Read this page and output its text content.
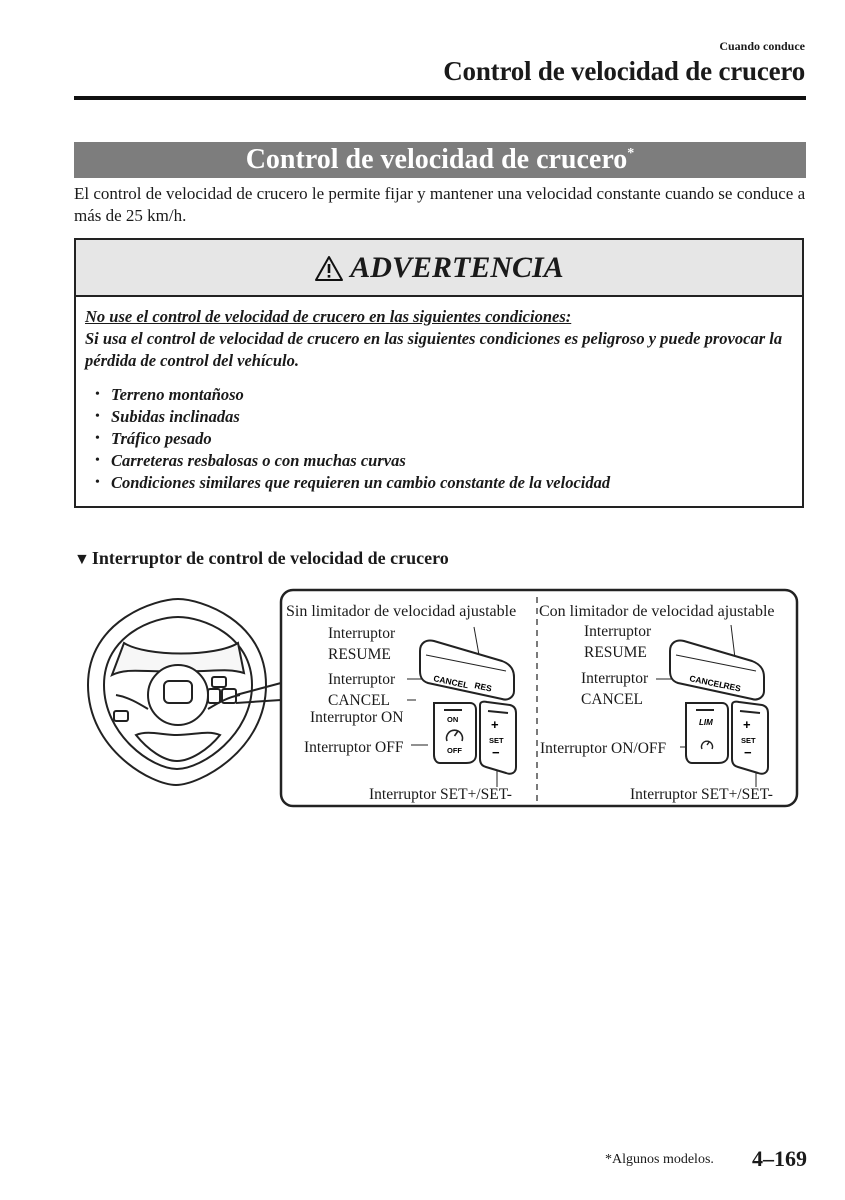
Cuando conduce
Control de velocidad de crucero
Control de velocidad de crucero*
El control de velocidad de crucero le permite fijar y mantener una velocidad constante cuando se conduce a más de 25 km/h.
ADVERTENCIA
No use el control de velocidad de crucero en las siguientes condiciones:
Si usa el control de velocidad de crucero en las siguientes condiciones es peligroso y puede provocar la pérdida de control del vehículo.
• Terreno montañoso
• Subidas inclinadas
• Tráfico pesado
• Carreteras resbalosas o con muchas curvas
• Condiciones similares que requieren un cambio constante de la velocidad
▼ Interruptor de control de velocidad de crucero
Sin limitador de velocidad ajustable
Interruptor
RESUME
Interruptor
CANCEL
Interruptor ON
Interruptor OFF
Interruptor SET+/SET-
CANCEL RES
ON
OFF
+
SET
−
Con limitador de velocidad ajustable
Interruptor
RESUME
Interruptor
CANCEL
Interruptor ON/OFF
Interruptor SET+/SET-
CANCEL
RES
LIM +
SET
−
*Algunos modelos. 4–169
